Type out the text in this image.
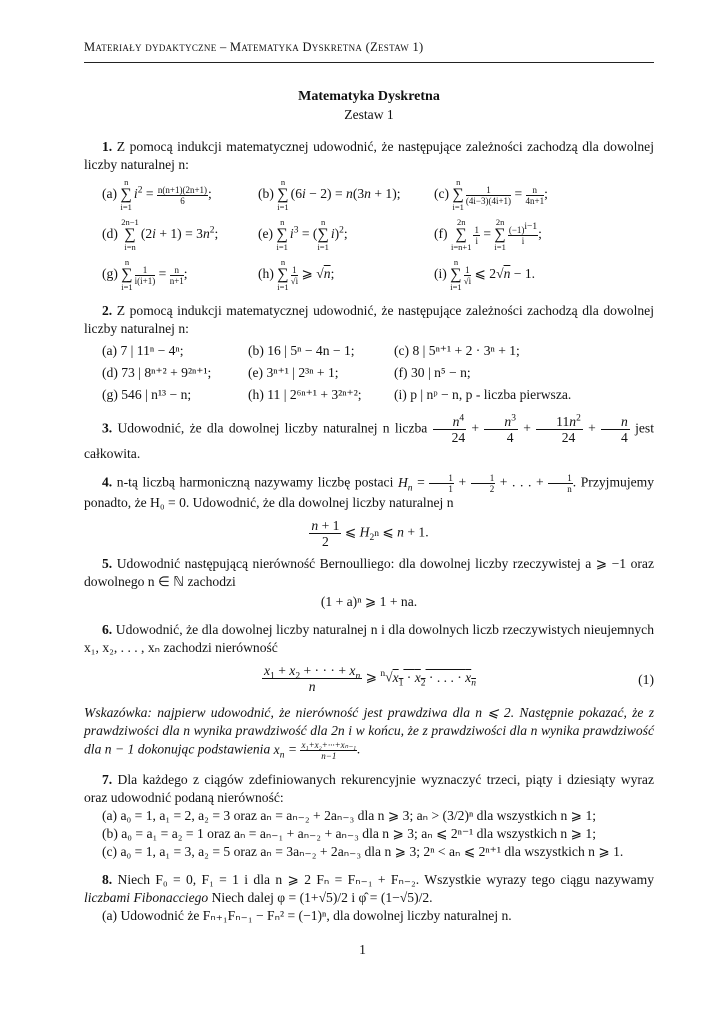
Materiały dydaktyczne – Matematyka Dyskretna (Zestaw 1)

Matematyka Dyskretna

Zestaw 1

1. Z pomocą indukcji matematycznej udowodnić, że następujące zależności zachodzą dla dowolnej liczby naturalnej n:

(a)
n
∑
i=1
$i^2 = \frac{n(n+1)(2n+1)}{6}$ ;	(b)
n
∑
i=1
(6i − 2) = n(3n + 1);	(c)
n
∑
i=1
$\frac{1}{(4i-3)(4i+1)} = \frac{n}{4n+1}$ ;
(d)
2n−1
∑
i=n
$(2i + 1) = 3n^2$;	(e)
n
∑
i=1
$i^3$ = (
n
∑
i=1
i)$^2$;	(f)
2n
∑
i=n+1
$\frac{1}{i}$ =
2n
∑
i=1
$\frac{(-1)^{i-1}}{i}$ ;
(g)
n
∑
i=1
$\frac{1}{i(i+1)} = \frac{n}{n+1}$ ;	(h)
n
∑
i=1
$\frac{1}{√i}$ ⩾ √n;	(i)
n
∑
i=1
$\frac{1}{√i}$ ⩽ 2√n − 1.

2. Z pomocą indukcji matematycznej udowodnić, że następujące zależności zachodzą dla dowolnej liczby naturalnej n:

(a) 7 | 11ⁿ − 4ⁿ;	(b) 16 | 5ⁿ − 4n − 1;	(c) 8 | 5ⁿ⁺¹ + 2 · 3ⁿ + 1;
(d) 73 | 8ⁿ⁺² + 9²ⁿ⁺¹;	(e) 3ⁿ⁺¹ | 2³ⁿ + 1;	(f) 30 | n⁵ − n;
(g) 546 | n¹³ − n;	(h) 11 | 2⁶ⁿ⁺¹ + 3²ⁿ⁺²;	(i) p | nᵖ − n, p - liczba pierwsza.

3. Udowodnić, że dla dowolnej liczby naturalnej n liczba $\frac{n^4}{24} + \frac{n^3}{4} + \frac{11n^2}{24} + \frac{n}{4}$ jest całkowita.

4. n-tą liczbą harmoniczną nazywamy liczbę postaci $H_n = \frac{1}{1} + \frac{1}{2}$ + . . . + $\frac{1}{n}$ . Przyjmujemy ponadto, że H₀ = 0. Udowodnić, że dla dowolnej liczby naturalnej n

$\frac{n + 1}{2}$ ⩽ $H_{2^n}$ ⩽ n + 1.

5. Udowodnić następującą nierówność Bernoulliego: dla dowolnej liczby rzeczywistej a ⩾ −1 oraz dowolnego n ∈ ℕ zachodzi

(1 + a)ⁿ ⩾ 1 + na.

6. Udowodnić, że dla dowolnej liczby naturalnej n i dla dowolnych liczb rzeczywistych nieujemnych x₁, x₂, . . . , xₙ zachodzi nierówność

$\frac{x_1 + x_2 + \cdot \cdot \cdot + x_n}{n}$ ⩾ $^n√x_1 \cdot x_2$ · . . . · $x_n$	(1)

Wskazówka: najpierw udowodnić, że nierówność jest prawdziwa dla n ⩽ 2. Następnie pokazać, że z prawdziwości dla n wynika prawdziwość dla 2n i w końcu, że z prawdziwości dla n wynika prawdziwość dla n − 1 dokonując podstawienia $x_n = \frac{\text{x₁+x₂+···+xₙ₋₁}}{n-1}$ .

7. Dla każdego z ciągów zdefiniowanych rekurencyjnie wyznaczyć trzeci, piąty i dziesiąty wyraz oraz udowodnić podaną nierówność:

(a) a₀ = 1, a₁ = 2, a₂ = 3 oraz aₙ = aₙ₋₂ + 2aₙ₋₃ dla n ⩾ 3; aₙ > (3/2)ⁿ dla wszystkich n ⩾ 1;

(b) a₀ = a₁ = a₂ = 1 oraz aₙ = aₙ₋₁ + aₙ₋₂ + aₙ₋₃ dla n ⩾ 3; aₙ ⩽ 2ⁿ⁻¹ dla wszystkich n ⩾ 1;

(c) a₀ = 1, a₁ = 3, a₂ = 5 oraz aₙ = 3aₙ₋₂ + 2aₙ₋₃ dla n ⩾ 3; 2ⁿ < aₙ ⩽ 2ⁿ⁺¹ dla wszystkich n ⩾ 1.

8. Niech F₀ = 0, F₁ = 1 i dla n ⩾ 2 Fₙ = Fₙ₋₁ + Fₙ₋₂. Wszystkie wyrazy tego ciągu nazywamy liczbami Fibonacciego Niech dalej φ = (1+√5)/2 i φ̂ = (1−√5)/2.

(a) Udowodnić że Fₙ₊₁Fₙ₋₁ − Fₙ² = (−1)ⁿ, dla dowolnej liczby naturalnej n.

1
